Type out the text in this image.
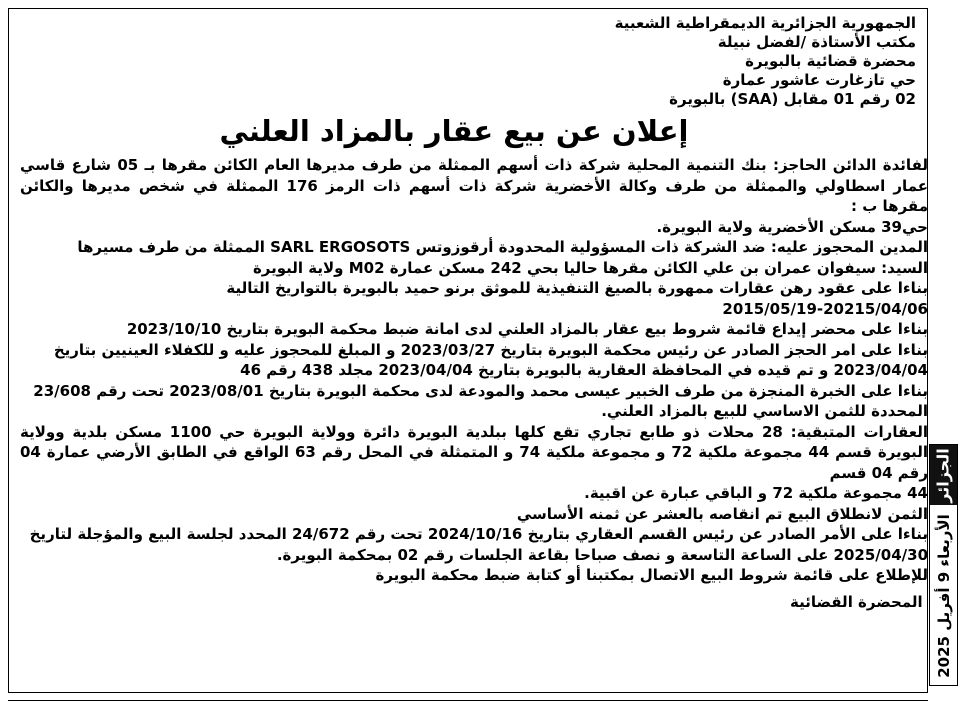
الجمهورية الجزائرية الديمقراطية الشعبية
مكتب الأستاذة /لفضل نبيلة
محضرة قضائية بالبويرة
حي تازغارت عاشور عمارة
02 رقم 01 مقابل (SAA) بالبويرة
إعلان عن بيع عقار بالمزاد العلني

لفائدة الدائن الحاجز: بنك التنمية المحلية شركة ذات أسهم الممثلة من طرف مديرها العام الكائن مقرها بـ 05 شارع قاسي عمار اسطاولي والممثلة من طرف وكالة الأخضرية شركة ذات أسهم ذات الرمز 176 الممثلة في شخص مديرها والكائن مقرها ب :

حي39 مسكن الأخضرية ولاية البويرة.

المدين المحجوز عليه: ضد الشركة ذات المسؤولية المحدودة أرقوزوتس SARL ERGOSOTS الممثلة من طرف مسيرها

السيد: سيفوان عمران بن علي الكائن مقرها حاليا بحي 242 مسكن عمارة M02 ولاية البويرة

بناءا على عقود رهن عقارات ممهورة بالصيغ التنفيذية للموثق برنو حميد بالبويرة بالتواريخ التالية

2015/05/19-20215/04/06

بناءا على محضر إيداع قائمة شروط بيع عقار بالمزاد العلني لدى امانة ضبط محكمة البويرة بتاريخ 2023/10/10

بناءا على امر الحجز الصادر عن رئيس محكمة البويرة بتاريخ 2023/03/27 و المبلغ للمحجوز عليه و للكفلاء العينيين بتاريخ

2023/04/04 و تم قيده في المحافظة العقارية بالبويرة بتاريخ 2023/04/04 مجلد 438 رقم 46

بناءا على الخبرة المنجزة من طرف الخبير عيسى محمد والمودعة لدى محكمة البويرة بتاريخ 2023/08/01 تحت رقم 23/608

المحددة للثمن الاساسي للبيع بالمزاد العلني.

العقارات المتبقية: 28 محلات ذو طابع تجاري تقع كلها ببلدية البويرة دائرة وولاية البويرة حي 1100 مسكن بلدية وولاية البويرة قسم 44 مجموعة ملكية 72 و مجموعة ملكية 74 و المتمثلة في المحل رقم 63 الواقع في الطابق الأرضي عمارة 04 رقم 04 قسم

44 مجموعة ملكية 72 و الباقي عبارة عن اقبية.

الثمن لانطلاق البيع تم انقاصه بالعشر عن ثمنه الأساسي

بناءا على الأمر الصادر عن رئيس القسم العقاري بتاريخ 2024/10/16 تحت رقم 24/672 المحدد لجلسة البيع والمؤجلة لتاريخ

2025/04/30 على الساعة التاسعة و نصف صباحا بقاعة الجلسات رقم 02 بمحكمة البويرة.

للإطلاع على قائمة شروط البيع الاتصال بمكتبنا أو كتابة ضبط محكمة البويرة

المحضرة القضائية
الجزائر
الأربعاء 9 أفريل 2025
